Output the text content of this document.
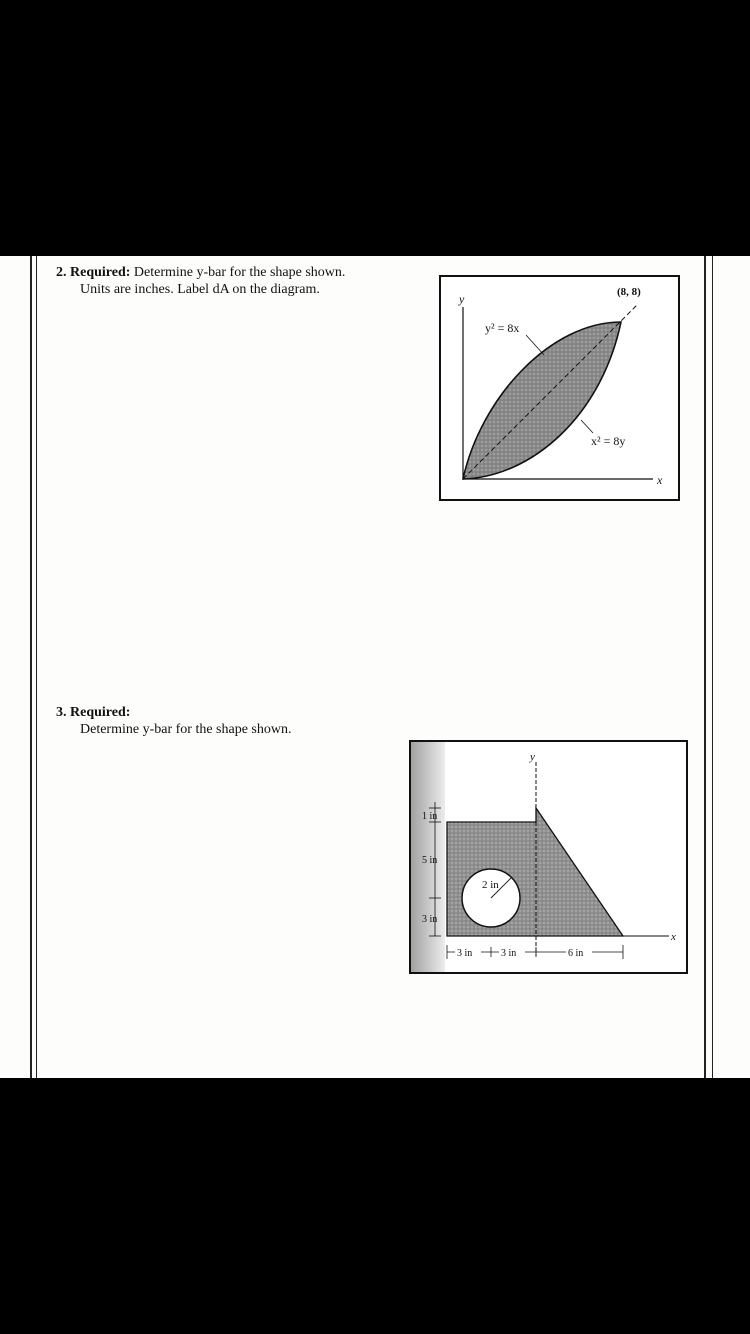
2. Required: Determine y-bar for the shape shown.
Units are inches. Label dA on the diagram.
y
x
(8, 8)
y² = 8x
x² = 8y
3. Required:
Determine y-bar for the shape shown.
2 in
y
x
1 in
5 in
3 in
3 in	3 in	6 in
